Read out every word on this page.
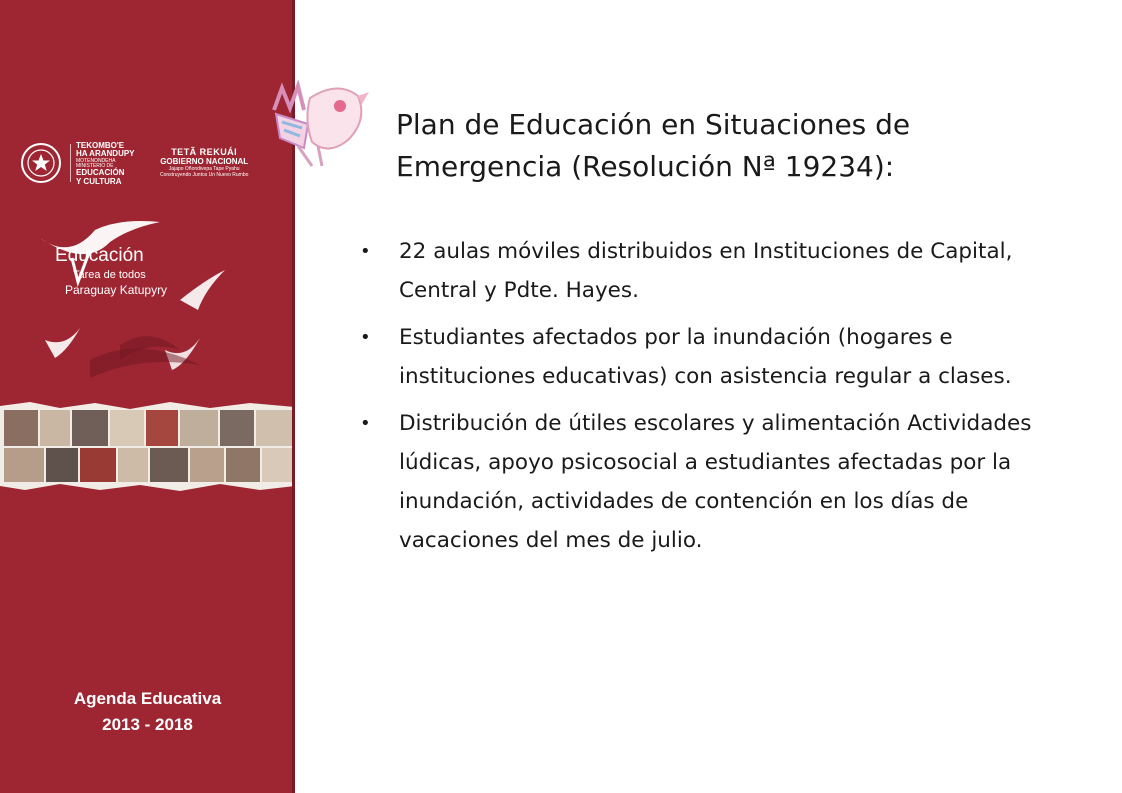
TEKOMBO'E
HA ARANDUPY
MOTENONDEHA
MINISTERIO DE
EDUCACIÓN
Y CULTURA
TETÃ REKUÁI
GOBIERNO NACIONAL
Jajapo Oñondivepa Tape Pyahu
Construyendo Juntos Un Nuevo Rumbo
Educación
Tarea de todos
Paraguay Katupyry
Agenda Educativa
2013 - 2018
Plan de Educación en Situaciones de Emergencia (Resolución Nª 19234):
• 22 aulas móviles distribuidos en Instituciones de Capital, Central y Pdte. Hayes.
• Estudiantes afectados por la inundación (hogares e instituciones educativas) con asistencia regular a clases.
• Distribución de útiles escolares y alimentación Actividades lúdicas, apoyo psicosocial a estudiantes afectadas por la inundación, actividades de contención en los días de vacaciones del mes de julio.
